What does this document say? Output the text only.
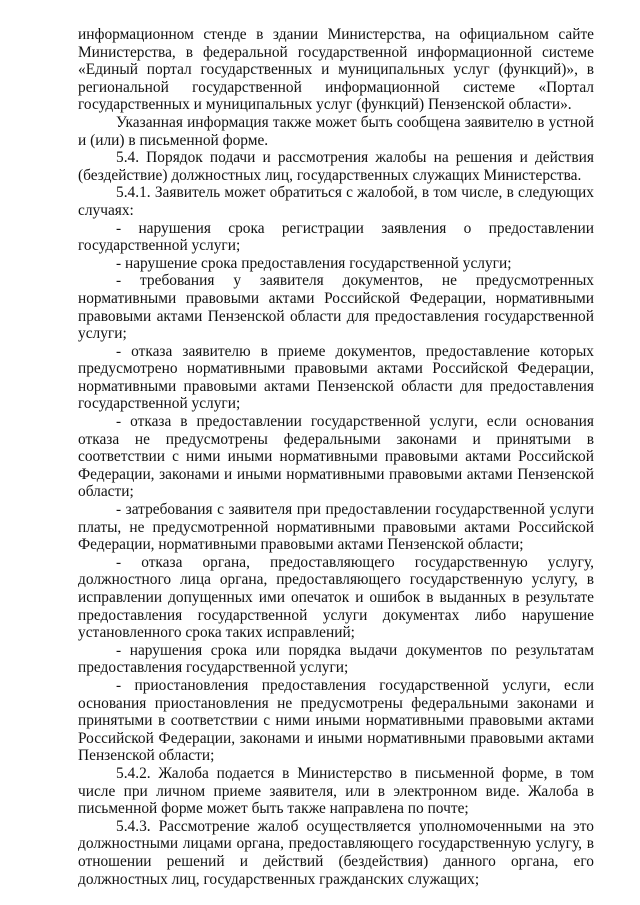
информационном стенде в здании Министерства, на официальном сайте Министерства, в федеральной государственной информационной системе «Единый портал государственных и муниципальных услуг (функций)», в региональной государственной информационной системе «Портал государственных и муниципальных услуг (функций) Пензенской области».

Указанная информация также может быть сообщена заявителю в устной и (или) в письменной форме.

5.4. Порядок подачи и рассмотрения жалобы на решения и действия (бездействие) должностных лиц, государственных служащих Министерства.

5.4.1. Заявитель может обратиться с жалобой, в том числе, в следующих случаях:

- нарушения срока регистрации заявления о предоставлении государственной услуги;

- нарушение срока предоставления государственной услуги;

- требования у заявителя документов, не предусмотренных нормативными правовыми актами Российской Федерации, нормативными правовыми актами Пензенской области для предоставления государственной услуги;

- отказа заявителю в приеме документов, предоставление которых предусмотрено нормативными правовыми актами Российской Федерации, нормативными правовыми актами Пензенской области для предоставления государственной услуги;

- отказа в предоставлении государственной услуги, если основания отказа не предусмотрены федеральными законами и принятыми в соответствии с ними иными нормативными правовыми актами Российской Федерации, законами и иными нормативными правовыми актами Пензенской области;

- затребования с заявителя при предоставлении государственной услуги платы, не предусмотренной нормативными правовыми актами Российской Федерации, нормативными правовыми актами Пензенской области;

- отказа органа, предоставляющего государственную услугу, должностного лица органа, предоставляющего государственную услугу, в исправлении допущенных ими опечаток и ошибок в выданных в результате предоставления государственной услуги документах либо нарушение установленного срока таких исправлений;

- нарушения срока или порядка выдачи документов по результатам предоставления государственной услуги;

- приостановления предоставления государственной услуги, если основания приостановления не предусмотрены федеральными законами и принятыми в соответствии с ними иными нормативными правовыми актами Российской Федерации, законами и иными нормативными правовыми актами Пензенской области;

5.4.2. Жалоба подается в Министерство в письменной форме, в том числе при личном приеме заявителя, или в электронном виде. Жалоба в письменной форме может быть также направлена по почте;

5.4.3. Рассмотрение жалоб осуществляется уполномоченными на это должностными лицами органа, предоставляющего государственную услугу, в отношении решений и действий (бездействия) данного органа, его должностных лиц, государственных гражданских служащих;
